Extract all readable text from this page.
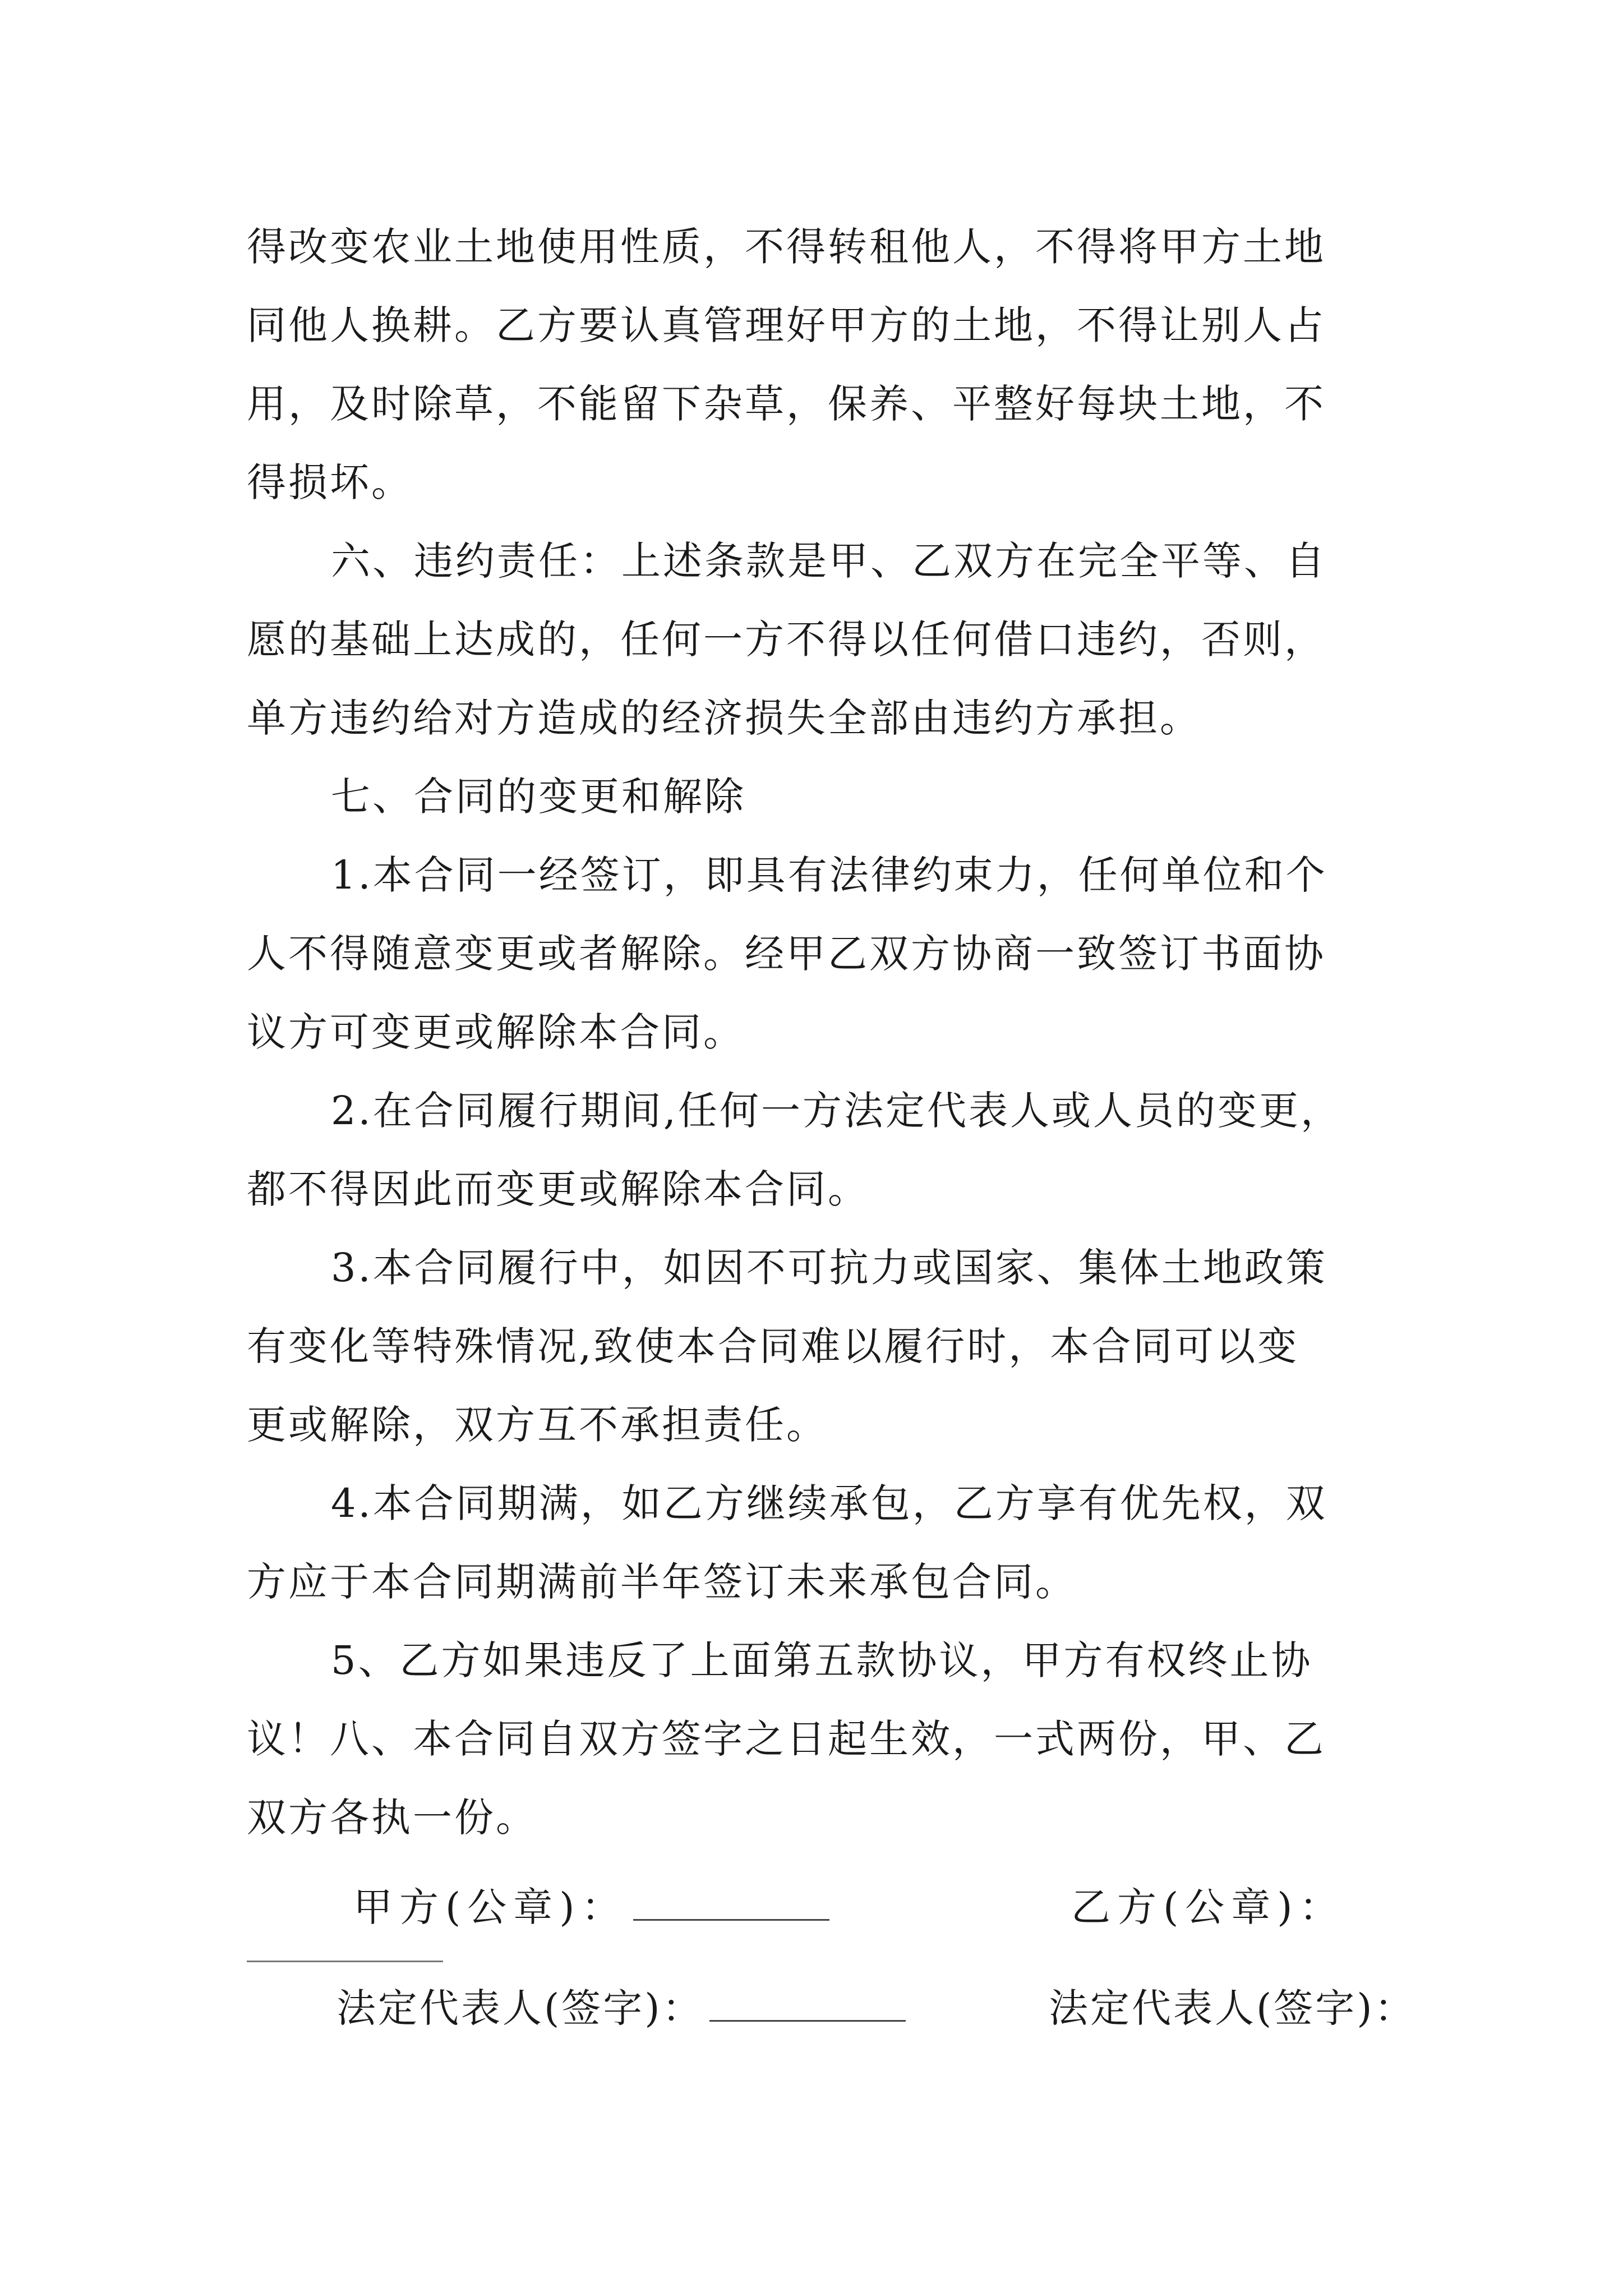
得改变农业土地使用性质，不得转租他人，不得将甲方土地
同他人换耕。乙方要认真管理好甲方的土地，不得让别人占
用，及时除草，不能留下杂草，保养、平整好每块土地，不
得损坏。
六、违约责任：上述条款是甲、乙双方在完全平等、自
愿的基础上达成的，任何一方不得以任何借口违约，否则，
单方违约给对方造成的经济损失全部由违约方承担。
七、合同的变更和解除
1.本合同一经签订，即具有法律约束力，任何单位和个
人不得随意变更或者解除。经甲乙双方协商一致签订书面协
议方可变更或解除本合同。
2.在合同履行期间,任何一方法定代表人或人员的变更，
都不得因此而变更或解除本合同。
3.本合同履行中，如因不可抗力或国家、集体土地政策
有变化等特殊情况,致使本合同难以履行时，本合同可以变
更或解除，双方互不承担责任。
4.本合同期满，如乙方继续承包，乙方享有优先权，双
方应于本合同期满前半年签订未来承包合同。
5、乙方如果违反了上面第五款协议，甲方有权终止协
议！八、本合同自双方签字之日起生效，一式两份，甲、乙
双方各执一份。
甲方(公章)：	乙方(公章)：
法定代表人(签字)：	法定代表人(签字)：
